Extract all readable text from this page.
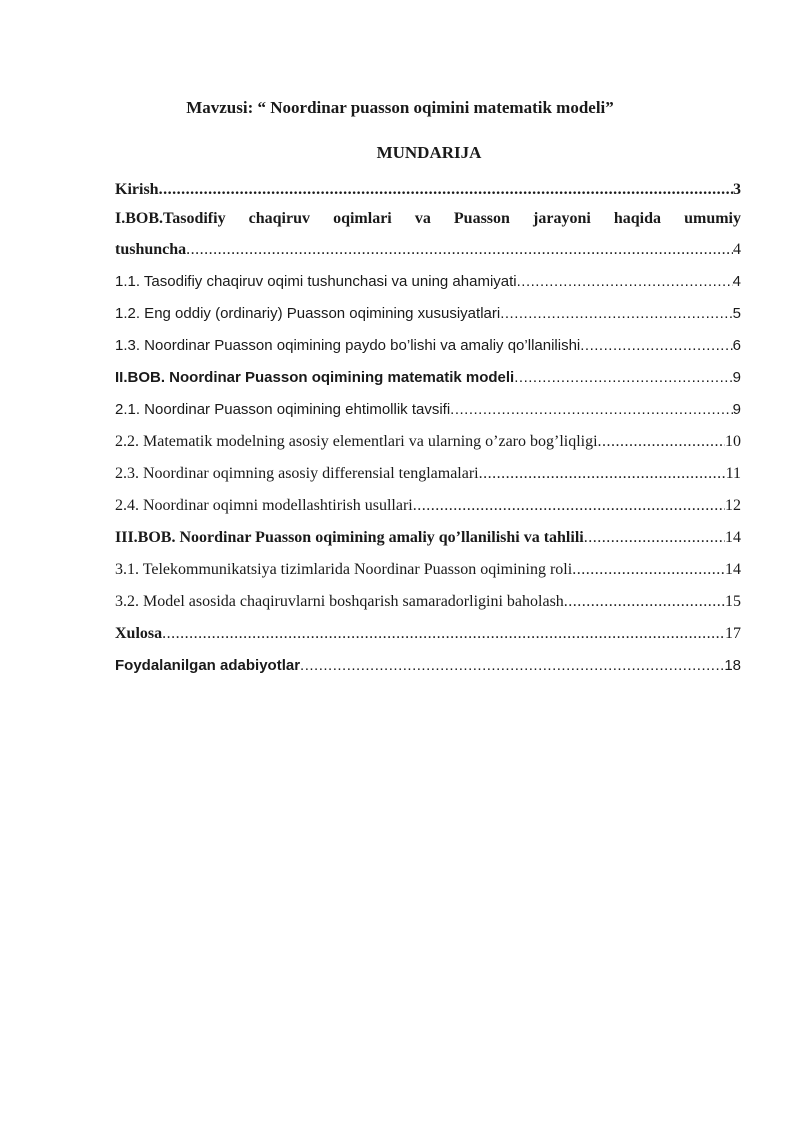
Mavzusi: “ Noordinar puasson oqimini matematik modeli”
MUNDARIJA
Kirish .....	3
I.BOB.Tasodifiy chaqiruv oqimlari va Puasson jarayoni haqida umumiy
tushuncha .....	4
1.1. Tasodifiy chaqiruv oqimi tushunchasi va uning ahamiyati .....	4
1.2. Eng oddiy (ordinariy) Puasson oqimining xususiyatlari .....	5
1.3. Noordinar Puasson oqimining paydo bo’lishi va amaliy qo’llanilishi .....	6
II.BOB. Noordinar Puasson oqimining matematik modeli .....	9
2.1. Noordinar Puasson oqimining ehtimollik tavsifi .....	9
2.2. Matematik modelning asosiy elementlari va ularning o’zaro bog’liqligi .....	10
2.3. Noordinar oqimning asosiy differensial tenglamalari .....	11
2.4. Noordinar oqimni modellashtirish usullari .....	12
III.BOB. Noordinar Puasson oqimining amaliy qo’llanilishi va tahlili .....	14
3.1. Telekommunikatsiya tizimlarida Noordinar Puasson oqimining roli .....	14
3.2. Model asosida chaqiruvlarni boshqarish samaradorligini baholash .....	15
Xulosa .....	17
Foydalanilgan adabiyotlar .....	18
